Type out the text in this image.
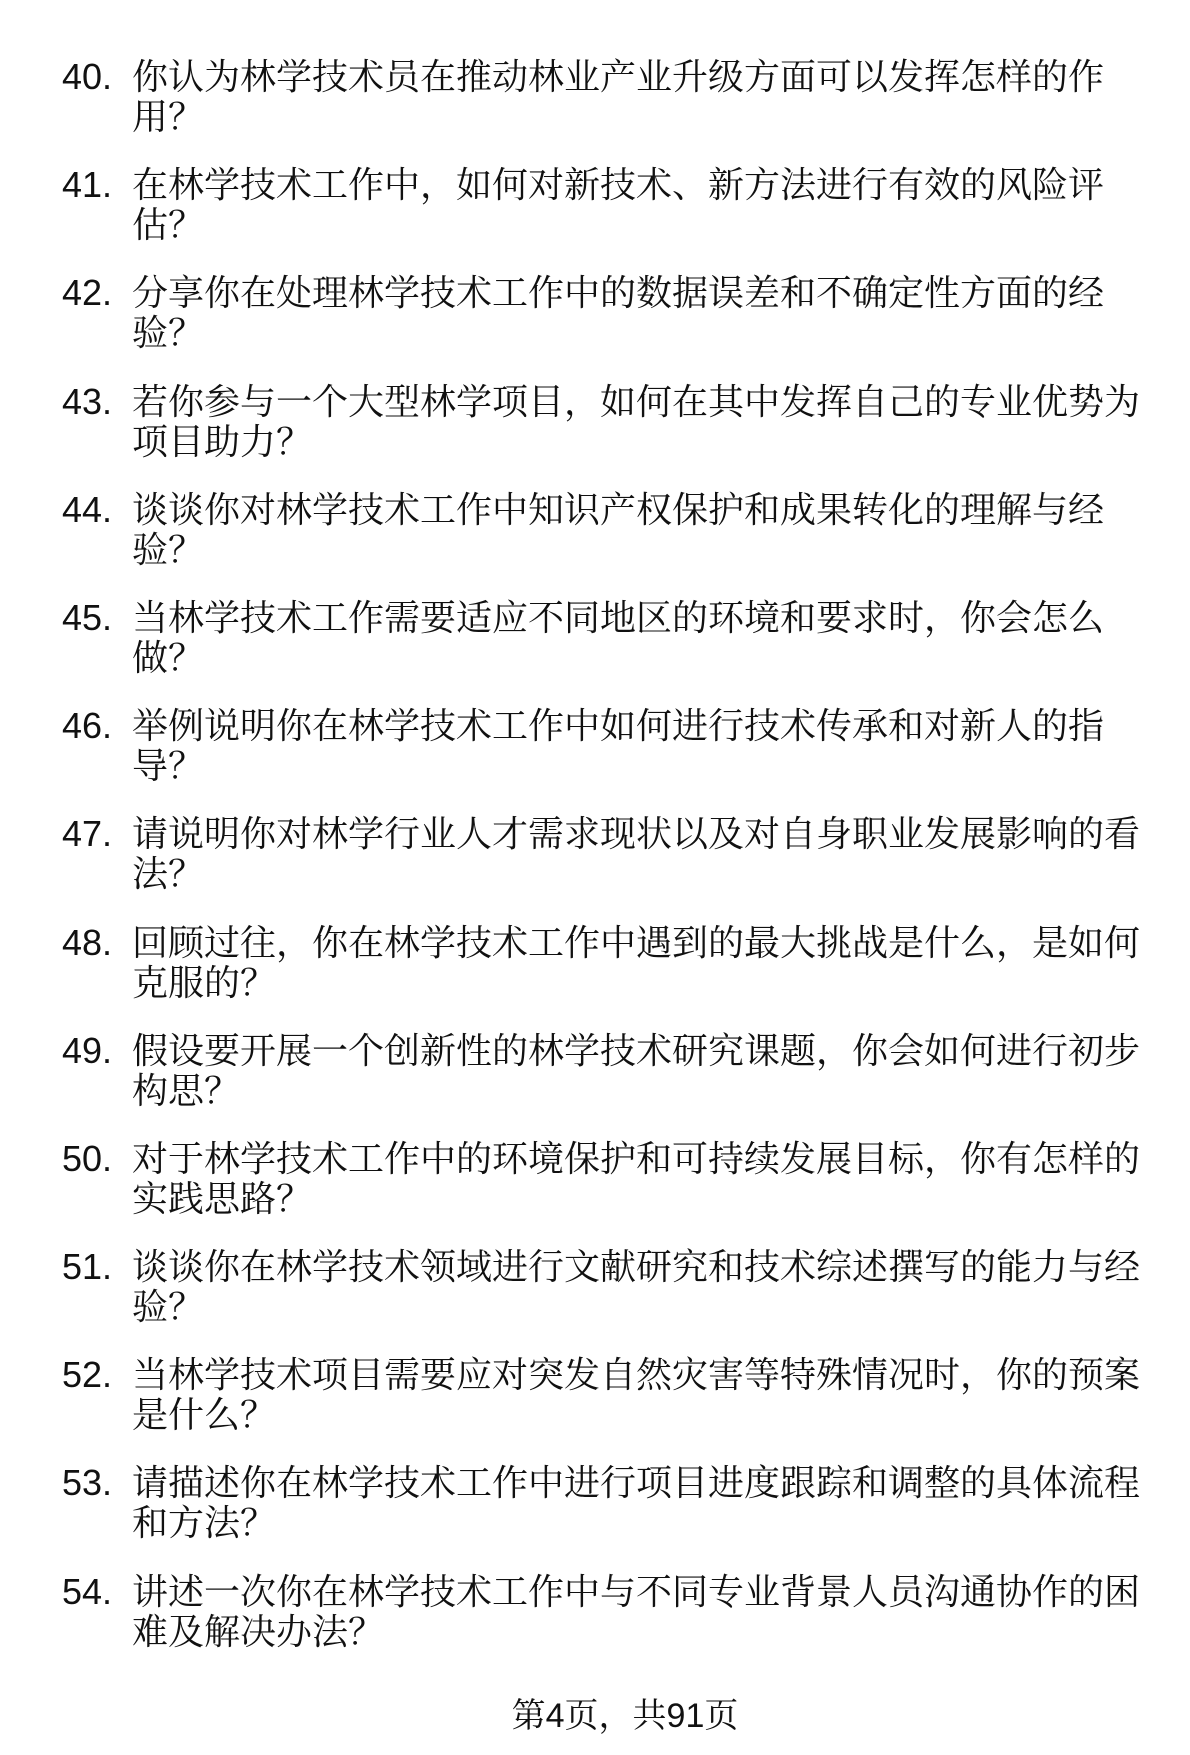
40. 你认为林学技术员在推动林业产业升级方面可以发挥怎样的作用？
41. 在林学技术工作中，如何对新技术、新方法进行有效的风险评估？
42. 分享你在处理林学技术工作中的数据误差和不确定性方面的经验？
43. 若你参与一个大型林学项目，如何在其中发挥自己的专业优势为项目助力？
44. 谈谈你对林学技术工作中知识产权保护和成果转化的理解与经验？
45. 当林学技术工作需要适应不同地区的环境和要求时，你会怎么做？
46. 举例说明你在林学技术工作中如何进行技术传承和对新人的指导？
47. 请说明你对林学行业人才需求现状以及对自身职业发展影响的看法？
48. 回顾过往，你在林学技术工作中遇到的最大挑战是什么，是如何克服的？
49. 假设要开展一个创新性的林学技术研究课题，你会如何进行初步构思？
50. 对于林学技术工作中的环境保护和可持续发展目标，你有怎样的实践思路？
51. 谈谈你在林学技术领域进行文献研究和技术综述撰写的能力与经验？
52. 当林学技术项目需要应对突发自然灾害等特殊情况时，你的预案是什么？
53. 请描述你在林学技术工作中进行项目进度跟踪和调整的具体流程和方法？
54. 讲述一次你在林学技术工作中与不同专业背景人员沟通协作的困难及解决办法？
第4页，共91页
